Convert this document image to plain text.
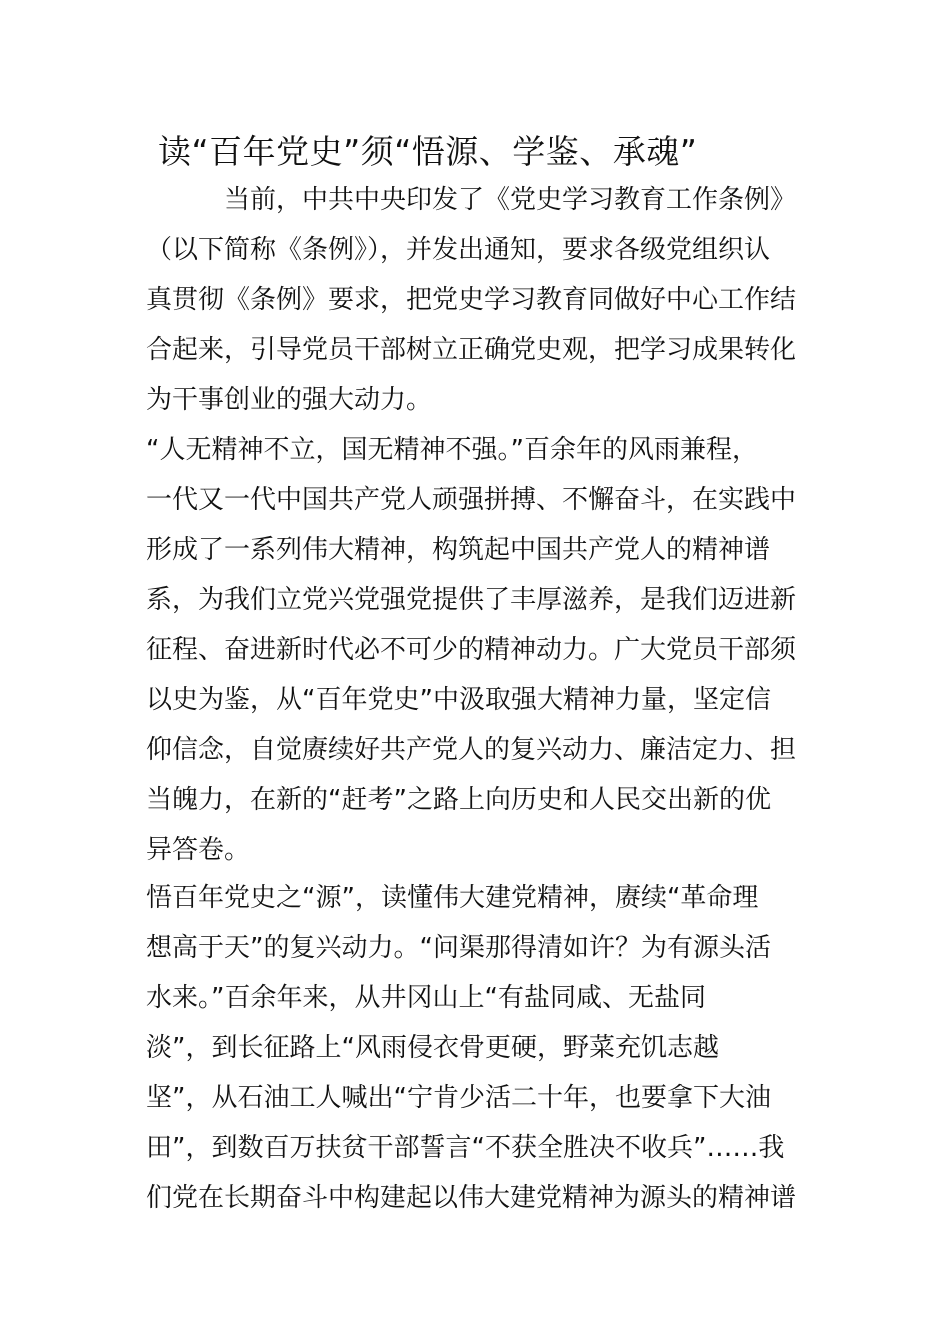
读“百年党史”须“悟源、学鉴、承魂”
　　　当前，中共中央印发了《党史学习教育工作条例》
（以下简称《条例》），并发出通知，要求各级党组织认
真贯彻《条例》要求，把党史学习教育同做好中心工作结
合起来，引导党员干部树立正确党史观，把学习成果转化
为干事创业的强大动力。
“人无精神不立，国无精神不强。”百余年的风雨兼程，
一代又一代中国共产党人顽强拼搏、不懈奋斗，在实践中
形成了一系列伟大精神，构筑起中国共产党人的精神谱
系，为我们立党兴党强党提供了丰厚滋养，是我们迈进新
征程、奋进新时代必不可少的精神动力。广大党员干部须
以史为鉴，从“百年党史”中汲取强大精神力量，坚定信
仰信念，自觉赓续好共产党人的复兴动力、廉洁定力、担
当魄力，在新的“赶考”之路上向历史和人民交出新的优
异答卷。
悟百年党史之“源”，读懂伟大建党精神，赓续“革命理
想高于天”的复兴动力。“问渠那得清如许？为有源头活
水来。”百余年来，从井冈山上“有盐同咸、无盐同
淡”，到长征路上“风雨侵衣骨更硬，野菜充饥志越
坚”，从石油工人喊出“宁肯少活二十年，也要拿下大油
田”，到数百万扶贫干部誓言“不获全胜决不收兵”……我
们党在长期奋斗中构建起以伟大建党精神为源头的精神谱
